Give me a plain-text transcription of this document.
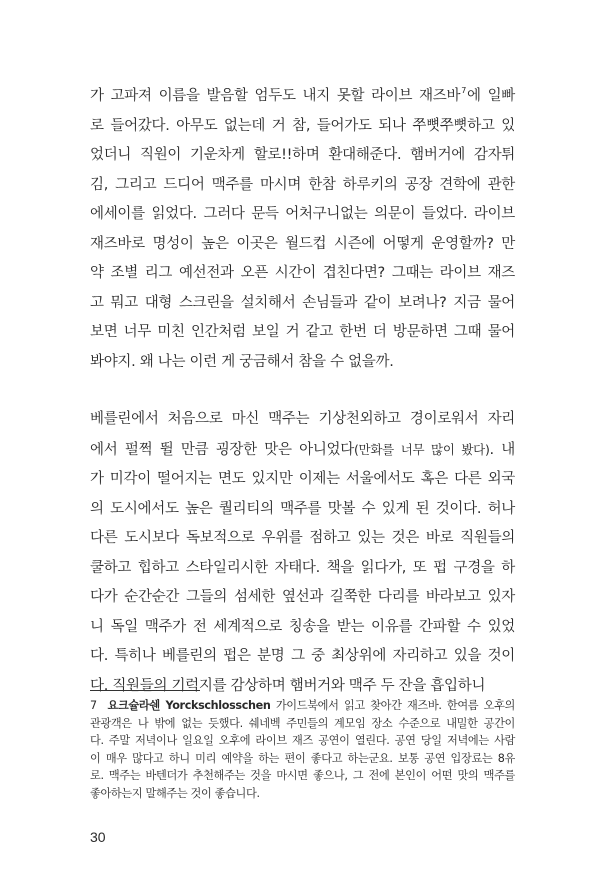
가 고파져 이름을 발음할 엄두도 내지 못할 라이브 재즈바$^7$에 일빠
로 들어갔다. 아무도 없는데 거 참, 들어가도 되나 쭈뼛쭈뼛하고 있
었더니 직원이 기운차게 할로!!하며 환대해준다. 햄버거에 감자튀
김, 그리고 드디어 맥주를 마시며 한참 하루키의 공장 견학에 관한
에세이를 읽었다. 그러다 문득 어처구니없는 의문이 들었다. 라이브
재즈바로 명성이 높은 이곳은 월드컵 시즌에 어떻게 운영할까? 만
약 조별 리그 예선전과 오픈 시간이 겹친다면? 그때는 라이브 재즈
고 뭐고 대형 스크린을 설치해서 손님들과 같이 보려나? 지금 물어
보면 너무 미친 인간처럼 보일 거 같고 한번 더 방문하면 그때 물어
봐야지. 왜 나는 이런 게 궁금해서 참을 수 없을까.
베를린에서 처음으로 마신 맥주는 기상천외하고 경이로워서 자리
에서 펄쩍 뛸 만큼 굉장한 맛은 아니었다(만화를 너무 많이 봤다). 내
가 미각이 떨어지는 면도 있지만 이제는 서울에서도 혹은 다른 외국
의 도시에서도 높은 퀄리티의 맥주를 맛볼 수 있게 된 것이다. 허나
다른 도시보다 독보적으로 우위를 점하고 있는 것은 바로 직원들의
쿨하고 힙하고 스타일리시한 자태다. 책을 읽다가, 또 펍 구경을 하
다가 순간순간 그들의 섬세한 옆선과 길쭉한 다리를 바라보고 있자
니 독일 맥주가 전 세계적으로 칭송을 받는 이유를 간파할 수 있었
다. 특히나 베를린의 펍은 분명 그 중 최상위에 자리하고 있을 것이
다. 직원들의 기럭지를 감상하며 햄버거와 맥주 두 잔을 흡입하니
7 요크슐라쉔 Yorckschlosschen 가이드북에서 읽고 찾아간 재즈바. 한여름 오후의
관광객은 나 밖에 없는 듯했다. 쉐네벡 주민들의 계모임 장소 수준으로 내밀한 공간이
다. 주말 저녁이나 일요일 오후에 라이브 재즈 공연이 열린다. 공연 당일 저녁에는 사람
이 매우 많다고 하니 미리 예약을 하는 편이 좋다고 하는군요. 보통 공연 입장료는 8유
로. 맥주는 바텐더가 추천해주는 것을 마시면 좋으나, 그 전에 본인이 어떤 맛의 맥주를
좋아하는지 말해주는 것이 좋습니다.
30
